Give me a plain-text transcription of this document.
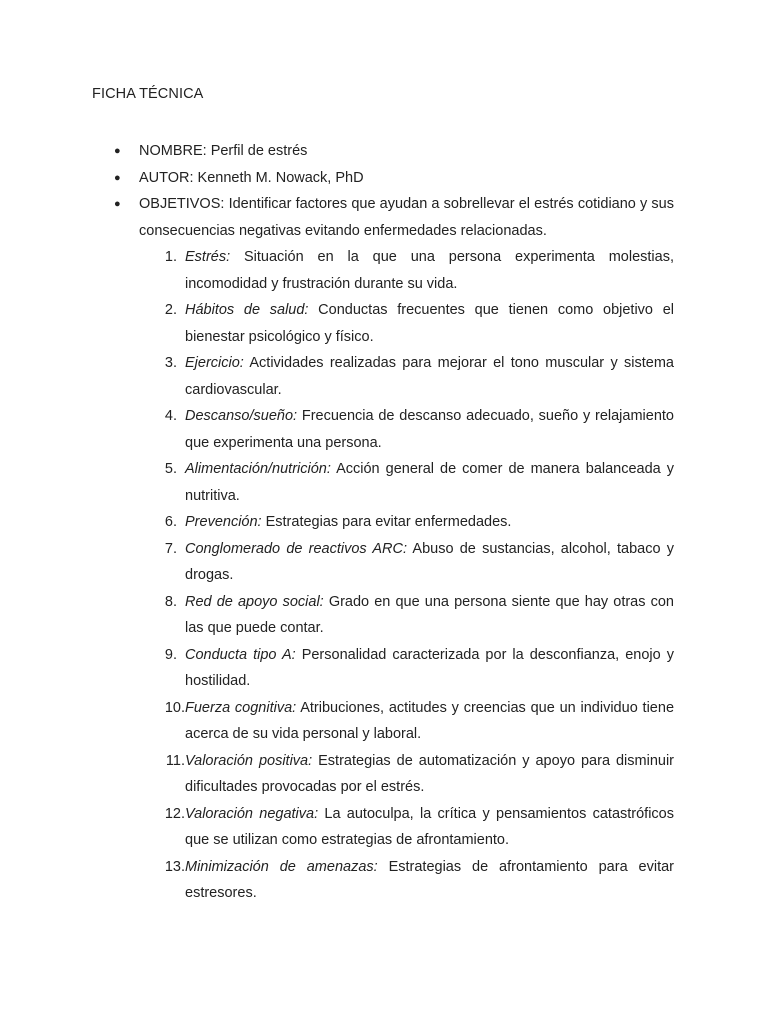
FICHA TÉCNICA
● NOMBRE: Perfil de estrés
● AUTOR: Kenneth M. Nowack, PhD
● OBJETIVOS: Identificar factores que ayudan a sobrellevar el estrés cotidiano y sus consecuencias negativas evitando enfermedades relacionadas.
1. Estrés: Situación en la que una persona experimenta molestias, incomodidad y frustración durante su vida.
2. Hábitos de salud: Conductas frecuentes que tienen como objetivo el bienestar psicológico y físico.
3. Ejercicio: Actividades realizadas para mejorar el tono muscular y sistema cardiovascular.
4. Descanso/sueño: Frecuencia de descanso adecuado, sueño y relajamiento que experimenta una persona.
5. Alimentación/nutrición: Acción general de comer de manera balanceada y nutritiva.
6. Prevención: Estrategias para evitar enfermedades.
7. Conglomerado de reactivos ARC: Abuso de sustancias, alcohol, tabaco y drogas.
8. Red de apoyo social: Grado en que una persona siente que hay otras con las que puede contar.
9. Conducta tipo A: Personalidad caracterizada por la desconfianza, enojo y hostilidad.
10. Fuerza cognitiva: Atribuciones, actitudes y creencias que un individuo tiene acerca de su vida personal y laboral.
11. Valoración positiva: Estrategias de automatización y apoyo para disminuir dificultades provocadas por el estrés.
12. Valoración negativa: La autoculpa, la crítica y pensamientos catastróficos que se utilizan como estrategias de afrontamiento.
13. Minimización de amenazas: Estrategias de afrontamiento para evitar estresores.
